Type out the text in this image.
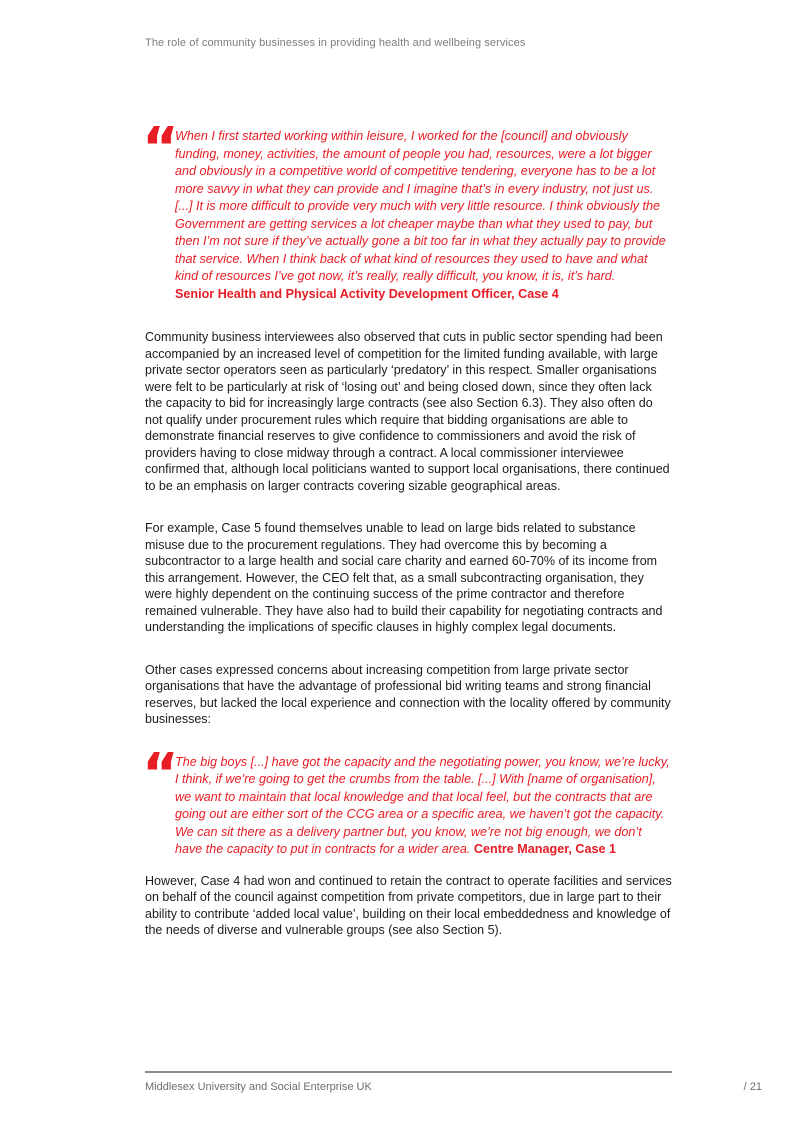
The role of community businesses in providing health and wellbeing services
“
When I first started working within leisure, I worked for the [council] and obviously funding, money, activities, the amount of people you had, resources, were a lot bigger and obviously in a competitive world of competitive tendering, everyone has to be a lot more savvy in what they can provide and I imagine that’s in every industry, not just us. [...] It is more difficult to provide very much with very little resource. I think obviously the Government are getting services a lot cheaper maybe than what they used to pay, but then I’m not sure if they’ve actually gone a bit too far in what they actually pay to provide that service. When I think back of what kind of resources they used to have and what kind of resources I’ve got now, it’s really, really difficult, you know, it is, it’s hard.
Senior Health and Physical Activity Development Officer, Case 4

Community business interviewees also observed that cuts in public sector spending had been accompanied by an increased level of competition for the limited funding available, with large private sector operators seen as particularly ‘predatory’ in this respect. Smaller organisations were felt to be particularly at risk of ‘losing out’ and being closed down, since they often lack the capacity to bid for increasingly large contracts (see also Section 6.3). They also often do not qualify under procurement rules which require that bidding organisations are able to demonstrate financial reserves to give confidence to commissioners and avoid the risk of providers having to close midway through a contract. A local commissioner interviewee confirmed that, although local politicians wanted to support local organisations, there continued to be an emphasis on larger contracts covering sizable geographical areas.

For example, Case 5 found themselves unable to lead on large bids related to substance misuse due to the procurement regulations. They had overcome this by becoming a subcontractor to a large health and social care charity and earned 60-70% of its income from this arrangement. However, the CEO felt that, as a small subcontracting organisation, they were highly dependent on the continuing success of the prime contractor and therefore remained vulnerable. They have also had to build their capability for negotiating contracts and understanding the implications of specific clauses in highly complex legal documents.

Other cases expressed concerns about increasing competition from large private sector organisations that have the advantage of professional bid writing teams and strong financial reserves, but lacked the local experience and connection with the locality offered by community businesses:

“
The big boys [...] have got the capacity and the negotiating power, you know, we’re lucky, I think, if we’re going to get the crumbs from the table. [...] With [name of organisation], we want to maintain that local knowledge and that local feel, but the contracts that are going out are either sort of the CCG area or a specific area, we haven’t got the capacity. We can sit there as a delivery partner but, you know, we’re not big enough, we don’t have the capacity to put in contracts for a wider area. Centre Manager, Case 1

However, Case 4 had won and continued to retain the contract to operate facilities and services on behalf of the council against competition from private competitors, due in large part to their ability to contribute ‘added local value’, building on their local embeddedness and knowledge of the needs of diverse and vulnerable groups (see also Section 5).

Middlesex University and Social Enterprise UK	/ 21
